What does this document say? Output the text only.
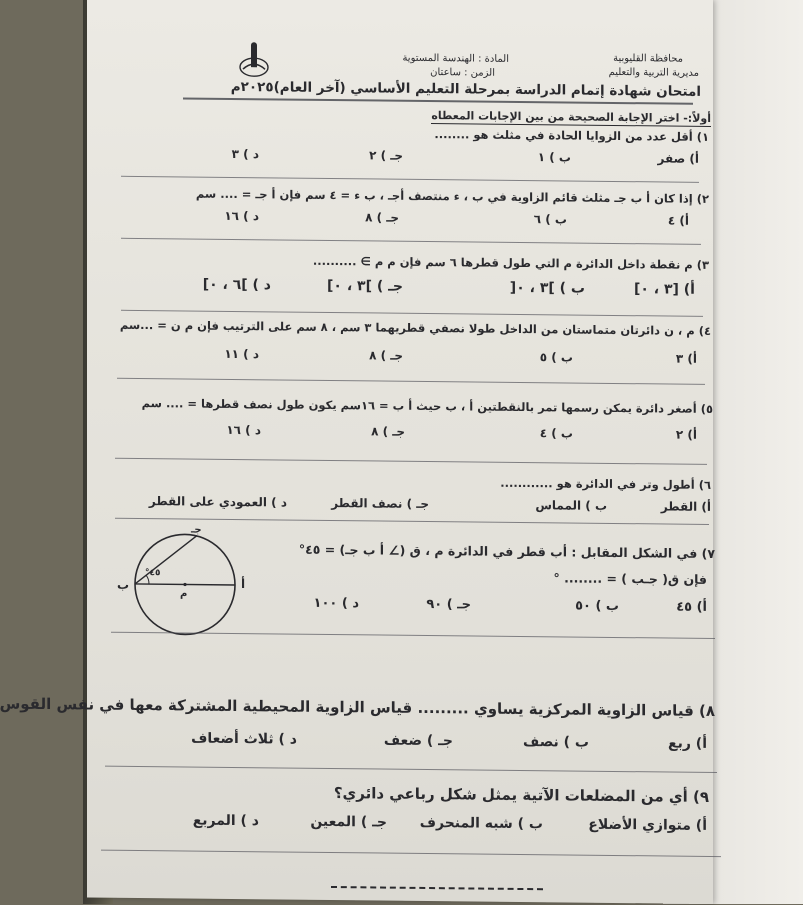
محافظة القليوبية
مديرية التربية والتعليم
المادة : الهندسة المستوية
الزمن : ساعتان
امتحان شهادة إتمام الدراسة بمرحلة التعليم الأساسي (آخر العام)٢٠٢٥م
أولاً:- اختر الإجابة الصحيحة من بين الإجابات المعطاه
١) أقل عدد من الزوايا الحادة في مثلث هو ........
أ) صفر
ب ) ١
جـ ) ٢
د ) ٣
٢) إذا كان أ ب جـ مثلث قائم الزاوية في ب ، ء منتصف أجـ ، ب ء = ٤ سم فإن أ جـ = .... سم
أ) ٤
ب ) ٦
جـ ) ٨
د ) ١٦
٣) م نقطة داخل الدائرة م التي طول قطرها ٦ سم فإن م م ∋ ..........
أ) [٣ ، ٠]
ب ) ]٣ ، ٠[
جـ ) ]٣ ، ٠]
د ) ]٦ ، ٠]
٤) م ، ن دائرتان متماستان من الداخل طولا نصفي قطريهما ٣ سم ، ٨ سم على الترتيب فإن م ن = ...سم
أ) ٣
ب ) ٥
جـ ) ٨
د ) ١١
٥) أصغر دائرة يمكن رسمها تمر بالنقطتين أ ، ب حيث أ ب = ١٦سم يكون طول نصف قطرها = .... سم
أ) ٢
ب ) ٤
جـ ) ٨
د ) ١٦
٦) أطول وتر في الدائرة هو ............
أ) القطر
ب ) المماس
جـ ) نصف القطر
د ) العمودي على القطر
٧) في الشكل المقابل : أب قطر في الدائرة م ، ق (∠ أ ب جـ) = ٤٥°
فإن ق( جـب ) = ........ °
أ) ٤٥
ب ) ٥٠
جـ ) ٩٠
د ) ١٠٠
ب	أ
جـ
م
٤٥°
٨) قياس الزاوية المركزية يساوي ......... قياس الزاوية المحيطية المشتركة معها في نفس القوس
أ) ربع
ب ) نصف
جـ ) ضعف
د ) ثلاث أضعاف
٩) أي من المضلعات الآتية يمثل شكل رباعي دائري؟
أ) متوازي الأضلاع
ب ) شبه المنحرف
جـ ) المعين
د ) المربع
